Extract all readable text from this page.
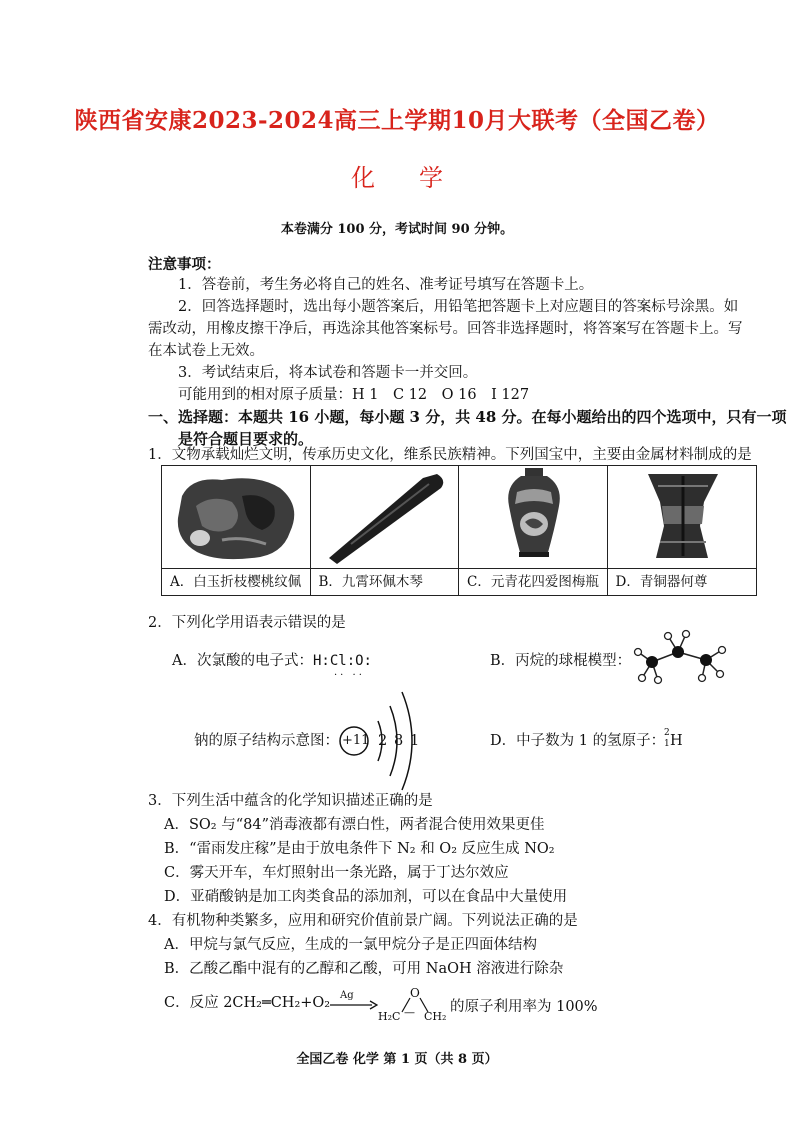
陕西省安康2023-2024高三上学期10月大联考（全国乙卷）
化学
本卷满分 100 分，考试时间 90 分钟。
注意事项：
1．答卷前，考生务必将自己的姓名、准考证号填写在答题卡上。
2．回答选择题时，选出每小题答案后，用铅笔把答题卡上对应题目的答案标号涂黑。如
需改动，用橡皮擦干净后，再选涂其他答案标号。回答非选择题时，将答案写在答题卡上。写
在本试卷上无效。
3．考试结束后，将本试卷和答题卡一并交回。
可能用到的相对原子质量：H 1　C 12　O 16　I 127
一、选择题：本题共 16 小题，每小题 3 分，共 48 分。在每小题给出的四个选项中，只有一项
是符合题目要求的。
1．文物承载灿烂文明，传承历史文化，维系民族精神。下列国宝中，主要由金属材料制成的是
A．白玉折枝樱桃纹佩	B．九霄环佩木琴	C．元青花四爱图梅瓶	D．青铜器何尊
2．下列化学用语表示错误的是
A．次氯酸的电子式：H:Cl:O:
·· ··
B．丙烷的球棍模型：
钠的原子结构示意图： +11 2 8 1	D．中子数为 1 的氢原子：
2
1 H
3．下列生活中蕴含的化学知识描述正确的是
A．SO₂ 与“84”消毒液都有漂白性，两者混合使用效果更佳
B．“雷雨发庄稼”是由于放电条件下 N₂ 和 O₂ 反应生成 NO₂
C．雾天开车，车灯照射出一条光路，属于丁达尔效应
D．亚硝酸钠是加工肉类食品的添加剂，可以在食品中大量使用
4．有机物种类繁多，应用和研究价值前景广阔。下列说法正确的是
A．甲烷与氯气反应，生成的一氯甲烷分子是正四面体结构
B．乙酸乙酯中混有的乙醇和乙酸，可用 NaOH 溶液进行除杂
C．反应 2CH₂═CH₂+O₂ Ag	O
H₂C — CH₂
的原子利用率为 100%
全国乙卷 化学 第 1 页（共 8 页）
